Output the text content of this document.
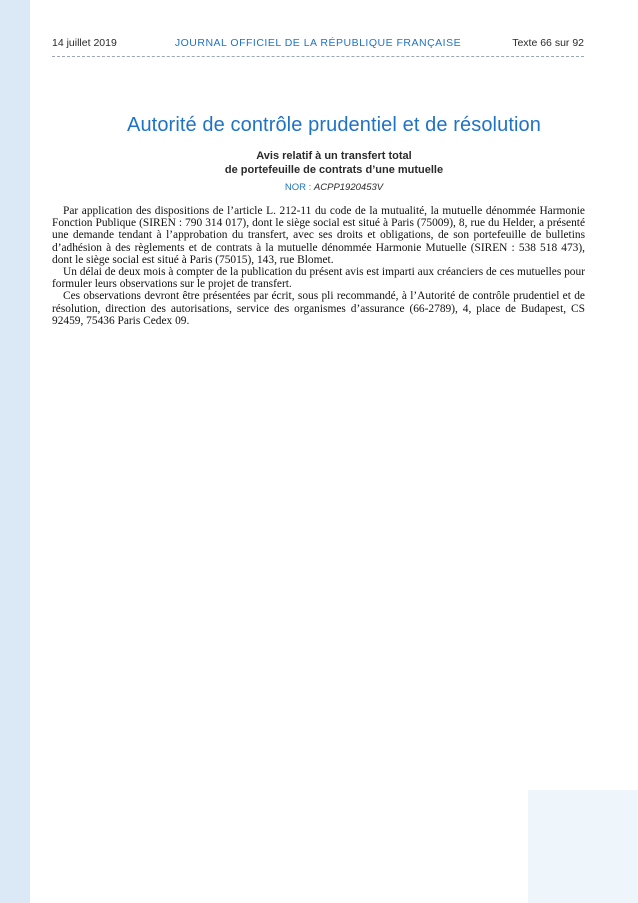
14 juillet 2019	JOURNAL OFFICIEL DE LA RÉPUBLIQUE FRANÇAISE	Texte 66 sur 92
Autorité de contrôle prudentiel et de résolution
Avis relatif à un transfert total
de portefeuille de contrats d’une mutuelle
NOR : ACPP1920453V

Par application des dispositions de l’article L. 212-11 du code de la mutualité, la mutuelle dénommée Harmonie Fonction Publique (SIREN : 790 314 017), dont le siège social est situé à Paris (75009), 8, rue du Helder, a présenté une demande tendant à l’approbation du transfert, avec ses droits et obligations, de son portefeuille de bulletins d’adhésion à des règlements et de contrats à la mutuelle dénommée Harmonie Mutuelle (SIREN : 538 518 473), dont le siège social est situé à Paris (75015), 143, rue Blomet.

Un délai de deux mois à compter de la publication du présent avis est imparti aux créanciers de ces mutuelles pour formuler leurs observations sur le projet de transfert.

Ces observations devront être présentées par écrit, sous pli recommandé, à l’Autorité de contrôle prudentiel et de résolution, direction des autorisations, service des organismes d’assurance (66-2789), 4, place de Budapest, CS 92459, 75436 Paris Cedex 09.
